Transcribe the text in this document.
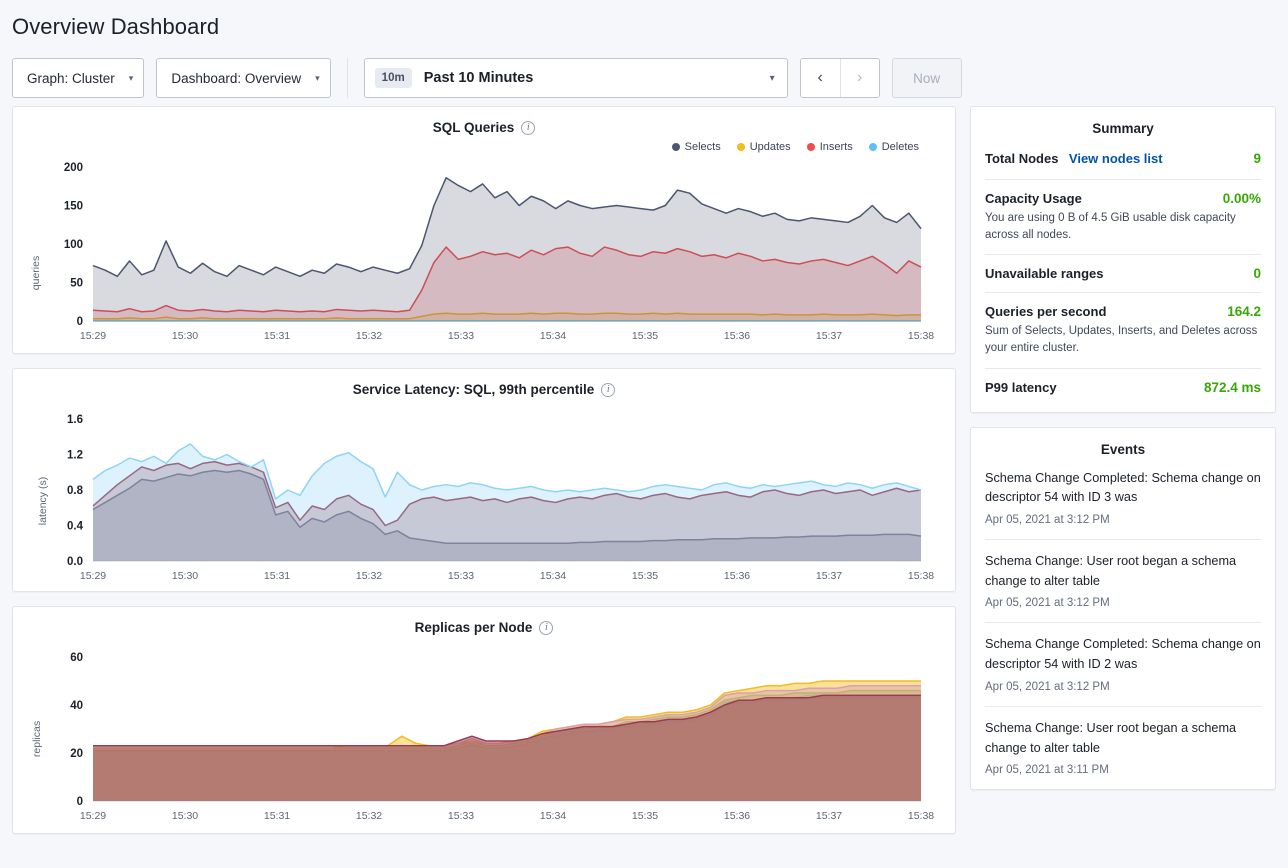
Overview Dashboard
Graph: Cluster ▾	Dashboard: Overview ▾	10m	Past 10 Minutes	▾	‹	›	Now
SQL Queries	i
Selects	Updates	Inserts	Deletes
queries
0
50
100
150
200
15:29	15:30	15:31	15:32	15:33	15:34	15:35	15:36	15:37	15:38
Service Latency: SQL, 99th percentile	i
latency (s)
0.0
0.4
0.8
1.2
1.6
15:29	15:30	15:31	15:32	15:33	15:34	15:35	15:36	15:37	15:38
Replicas per Node	i
replicas
0
20
40
60
15:29	15:30	15:31	15:32	15:33	15:34	15:35	15:36	15:37	15:38
Summary
Total Nodes View nodes list	9
Capacity Usage	0.00%
You are using 0 B of 4.5 GiB usable disk capacity across all nodes.
Unavailable ranges	0
Queries per second	164.2
Sum of Selects, Updates, Inserts, and Deletes across your entire cluster.
P99 latency	872.4 ms
Events
Schema Change Completed: Schema change on descriptor 54 with ID 3 was
Apr 05, 2021 at 3:12 PM
Schema Change: User root began a schema change to alter table
Apr 05, 2021 at 3:12 PM
Schema Change Completed: Schema change on descriptor 54 with ID 2 was
Apr 05, 2021 at 3:12 PM
Schema Change: User root began a schema change to alter table
Apr 05, 2021 at 3:11 PM
